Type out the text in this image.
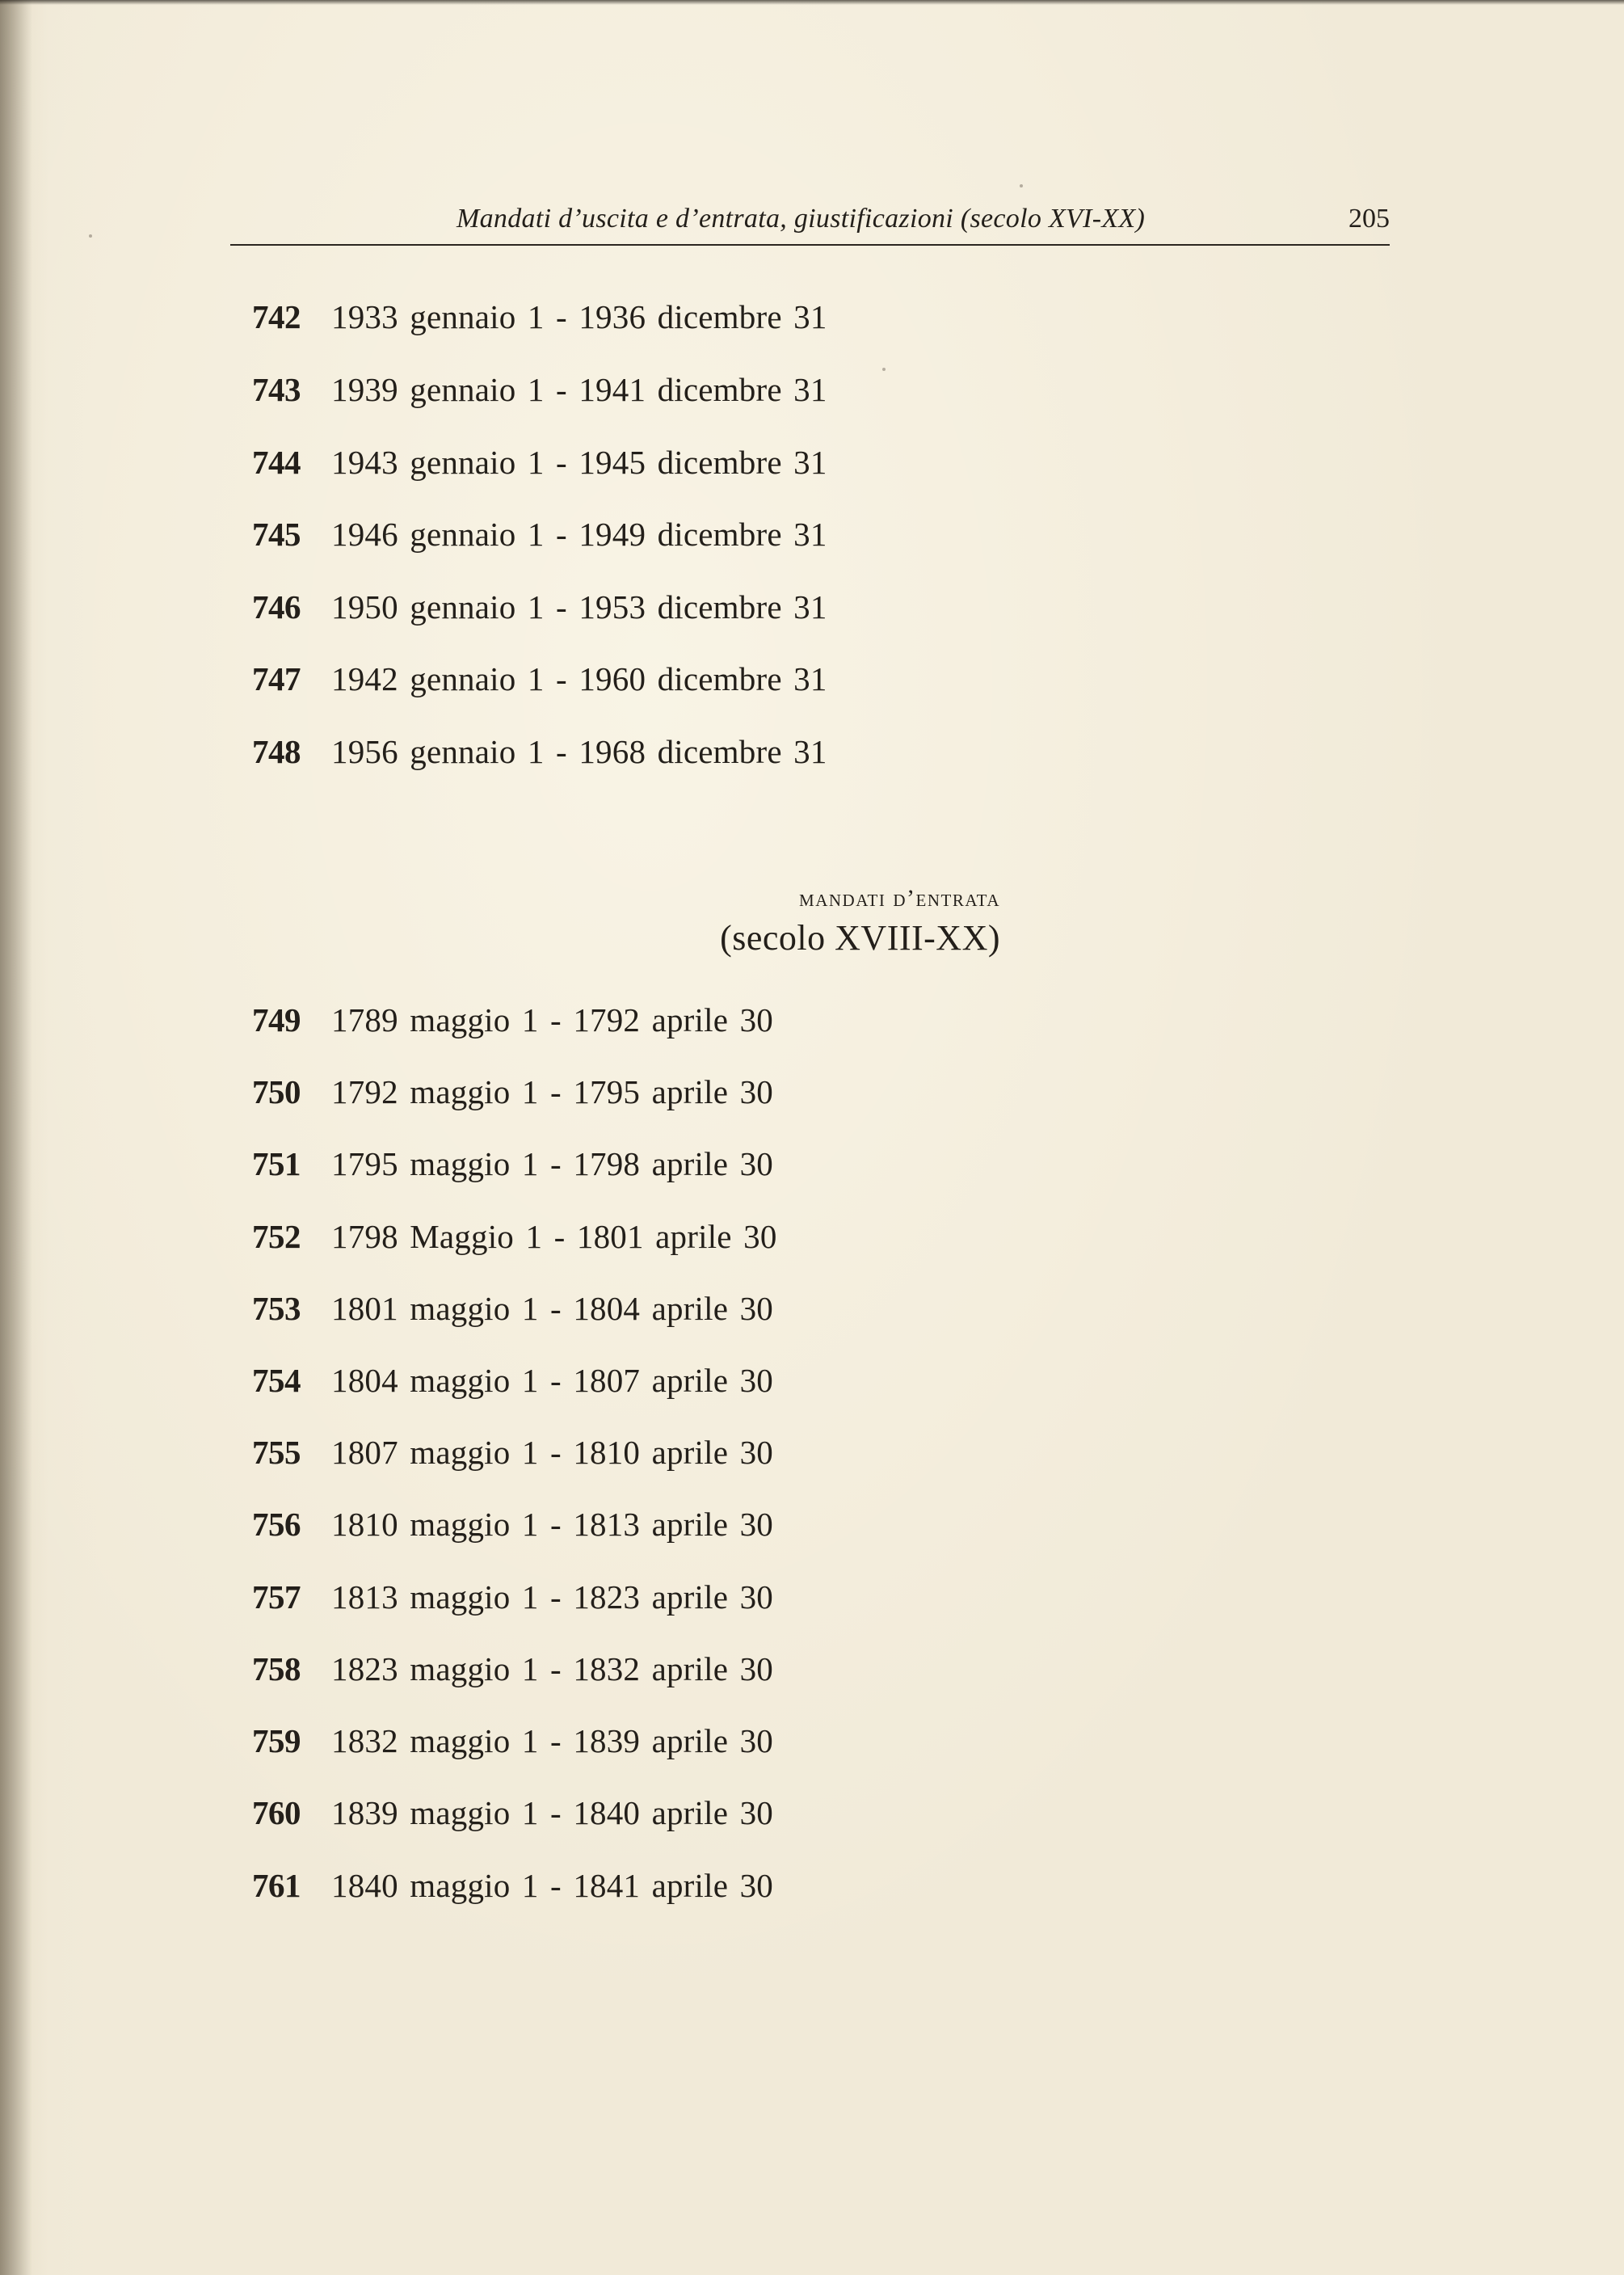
Mandati d’uscita e d’entrata, giustificazioni (secolo XVI-XX)	205
742 1933 gennaio 1 - 1936 dicembre 31
743 1939 gennaio 1 - 1941 dicembre 31
744 1943 gennaio 1 - 1945 dicembre 31
745 1946 gennaio 1 - 1949 dicembre 31
746 1950 gennaio 1 - 1953 dicembre 31
747 1942 gennaio 1 - 1960 dicembre 31
748 1956 gennaio 1 - 1968 dicembre 31
mandati d’entrata
(secolo XVIII-XX)
749 1789 maggio 1 - 1792 aprile 30
750 1792 maggio 1 - 1795 aprile 30
751 1795 maggio 1 - 1798 aprile 30
752 1798 Maggio 1 - 1801 aprile 30
753 1801 maggio 1 - 1804 aprile 30
754 1804 maggio 1 - 1807 aprile 30
755 1807 maggio 1 - 1810 aprile 30
756 1810 maggio 1 - 1813 aprile 30
757 1813 maggio 1 - 1823 aprile 30
758 1823 maggio 1 - 1832 aprile 30
759 1832 maggio 1 - 1839 aprile 30
760 1839 maggio 1 - 1840 aprile 30
761 1840 maggio 1 - 1841 aprile 30
